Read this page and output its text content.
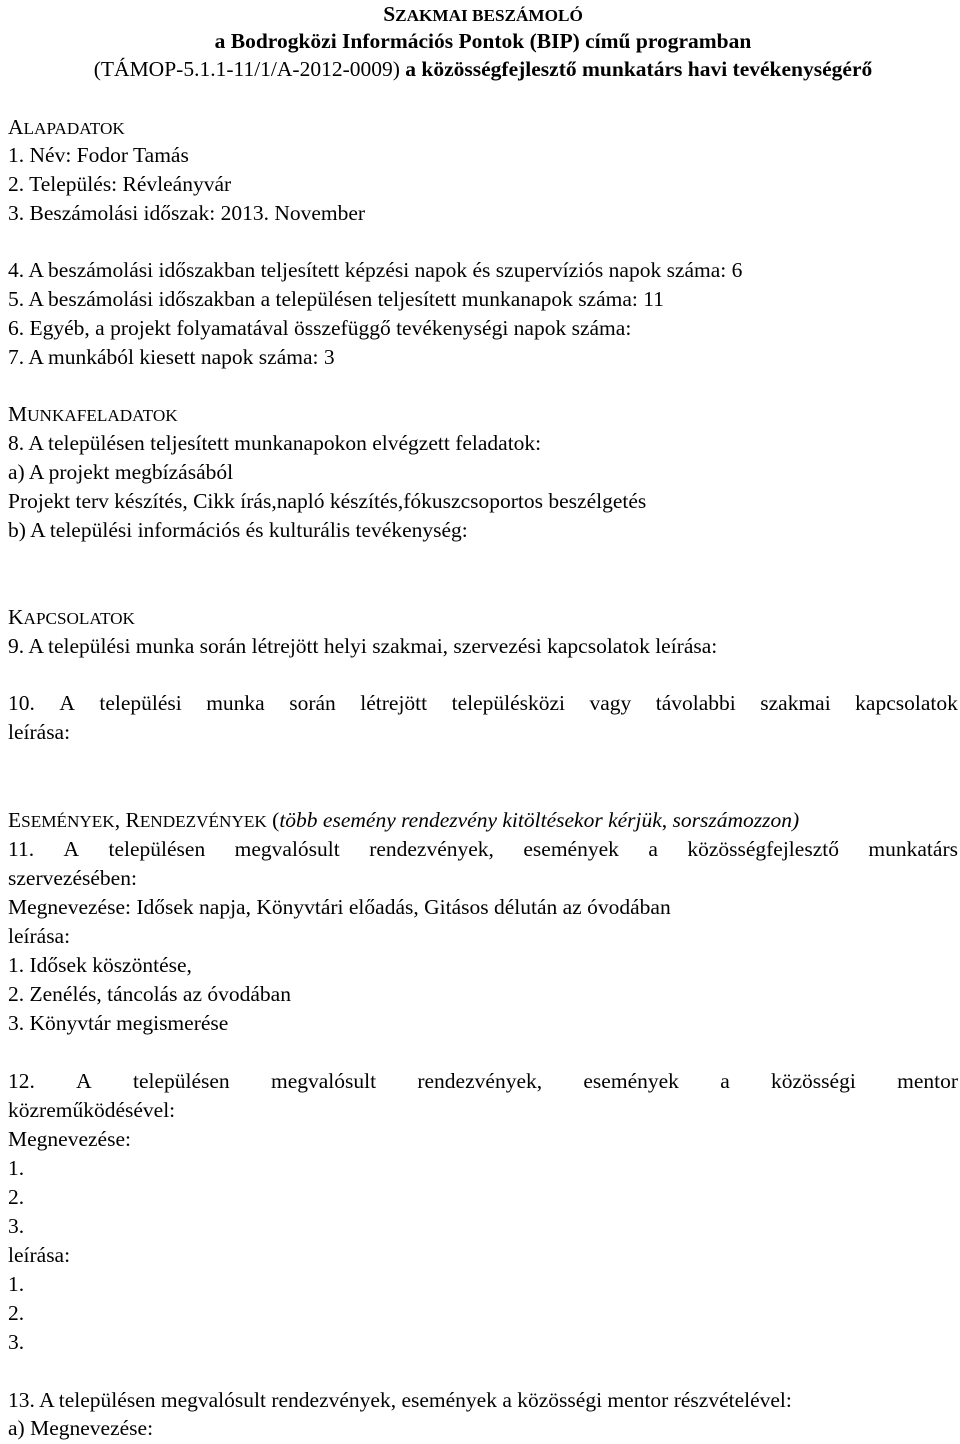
SZAKMAI BESZÁMOLÓ
a Bodrogközi Információs Pontok (BIP) című programban
(TÁMOP-5.1.1-11/1/A-2012-0009) a közösségfejlesztő munkatárs havi tevékenységérő
ALAPADATOK
1. Név: Fodor Tamás
2. Település: Révleányvár
3. Beszámolási időszak: 2013. November
4. A beszámolási időszakban teljesített képzési napok és szupervíziós napok száma: 6
5. A beszámolási időszakban a településen teljesített munkanapok száma: 11
6. Egyéb, a projekt folyamatával összefüggő tevékenységi napok száma:
7. A munkából kiesett napok száma: 3
MUNKAFELADATOK
8. A településen teljesített munkanapokon elvégzett feladatok:
a) A projekt megbízásából
Projekt terv készítés, Cikk írás,napló készítés,fókuszcsoportos beszélgetés
b) A települési információs és kulturális tevékenység:
KAPCSOLATOK
9. A települési munka során létrejött helyi szakmai, szervezési kapcsolatok leírása:
10. A települési munka során létrejött településközi vagy távolabbi szakmai kapcsolatok
leírása:
ESEMÉNYEK, RENDEZVÉNYEK (több esemény rendezvény kitöltésekor kérjük, sorszámozzon)
11. A településen megvalósult rendezvények, események a közösségfejlesztő munkatárs
szervezésében:
Megnevezése: Idősek napja, Könyvtári előadás, Gitásos délután az óvodában
leírása:
1. Idősek köszöntése,
2. Zenélés, táncolás az óvodában
3. Könyvtár megismerése
12. A településen megvalósult rendezvények, események a közösségi mentor
közreműködésével:
Megnevezése:
1.
2.
3.
leírása:
1.
2.
3.
13. A településen megvalósult rendezvények, események a közösségi mentor részvételével:
a) Megnevezése:
